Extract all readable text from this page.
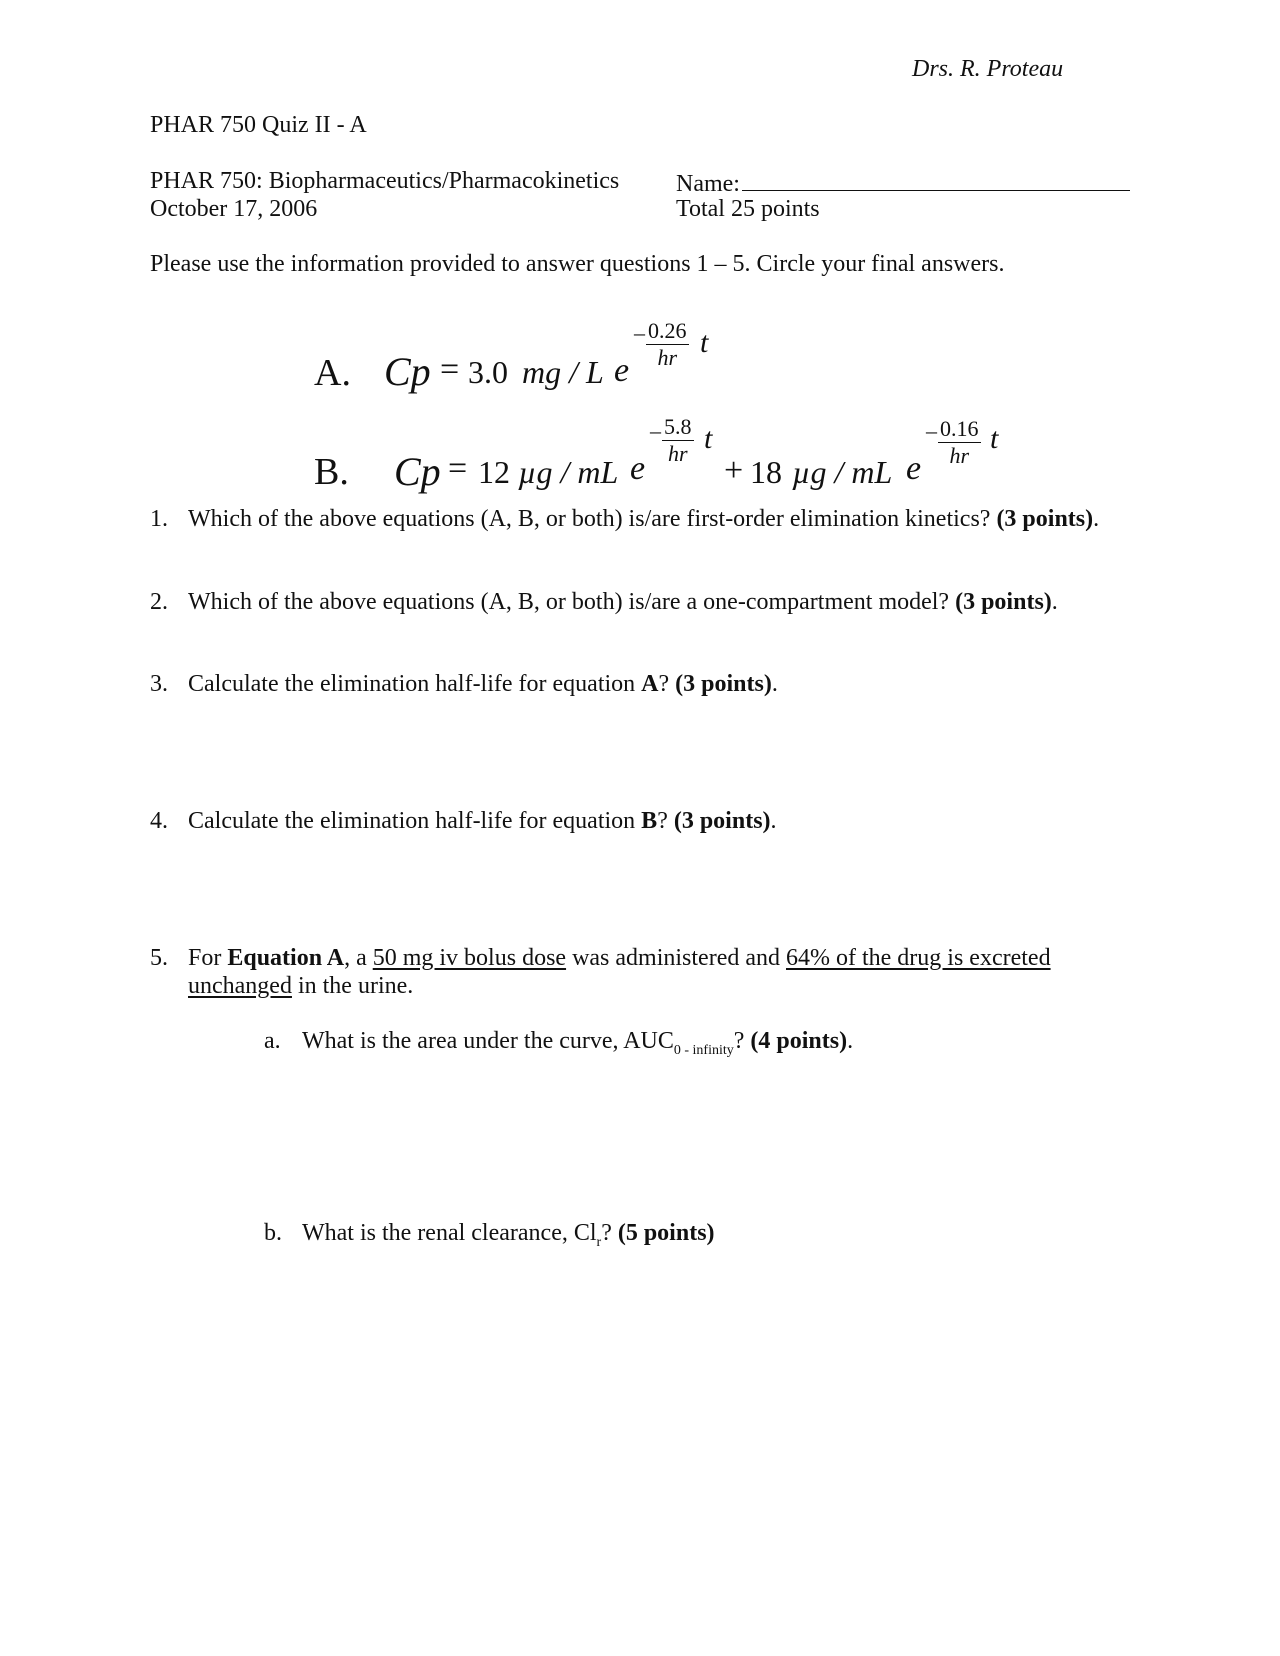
Drs. R. Proteau
PHAR 750 Quiz II - A
PHAR 750: Biopharmaceutics/Pharmacokinetics
October 17, 2006
Name:
Total 25 points
Please use the information provided to answer questions 1 – 5. Circle your final answers.
A. Cp = 3.0 mg / L e
– $\frac{0.26}{hr}$ t
B. Cp = 12 µg / mL e
– $\frac{5.8}{hr}$ t
+ 18 µg / mL e
– $\frac{0.16}{hr}$ t
1. Which of the above equations (A, B, or both) is/are first-order elimination kinetics? (3 points).
2. Which of the above equations (A, B, or both) is/are a one-compartment model? (3 points).
3. Calculate the elimination half-life for equation A? (3 points).
4. Calculate the elimination half-life for equation B? (3 points).
5. For Equation A, a 50 mg iv bolus dose was administered and 64% of the drug is excreted
unchanged in the urine.
a. What is the area under the curve, $AUC_{0 - infinity}$? (4 points).
b. What is the renal clearance, $Cl_r$? (5 points)
